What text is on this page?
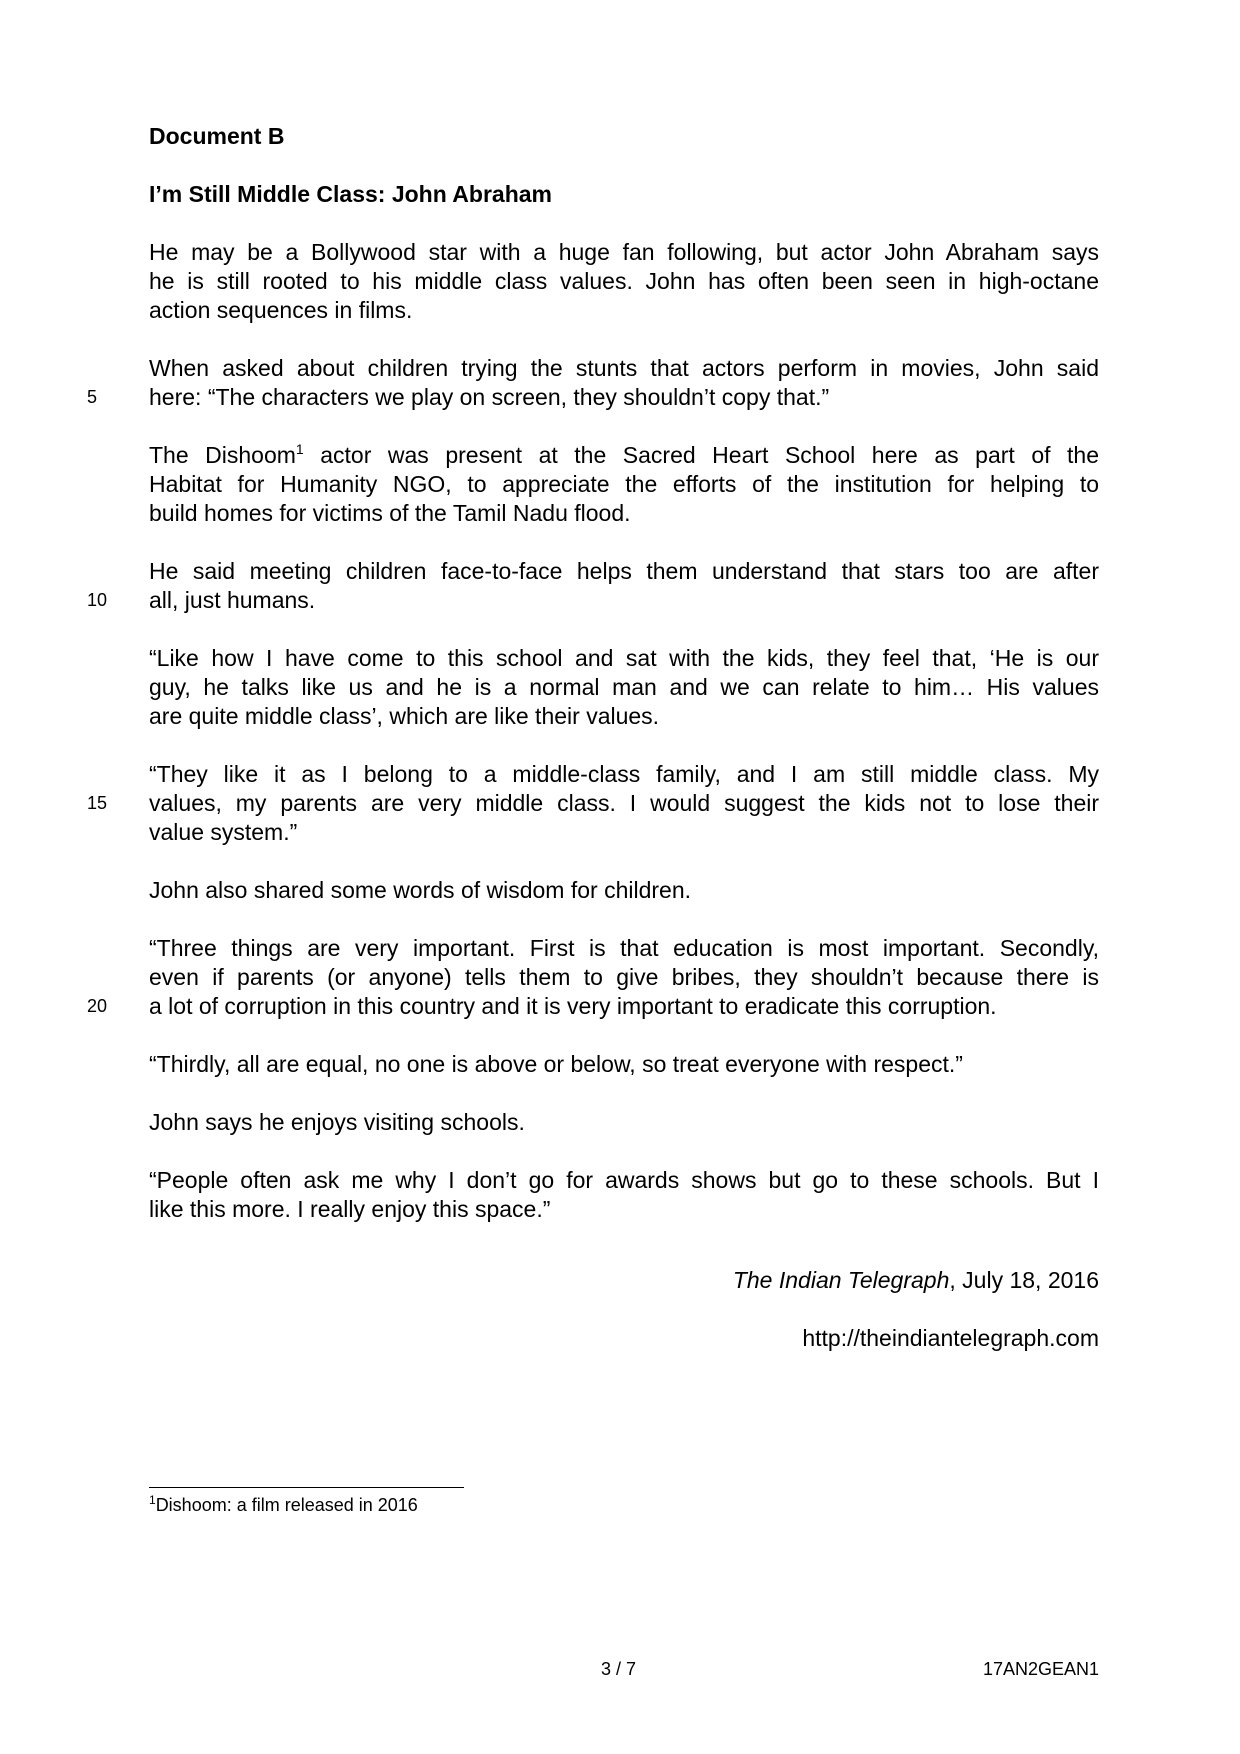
Document B
I’m Still Middle Class: John Abraham
He may be a Bollywood star with a huge fan following, but actor John Abraham says
he is still rooted to his middle class values. John has often been seen in high-octane
action sequences in films.
When asked about children trying the stunts that actors perform in movies, John said
5	here: “The characters we play on screen, they shouldn’t copy that.”
The Dishoom$^1$ actor was present at the Sacred Heart School here as part of the
Habitat for Humanity NGO, to appreciate the efforts of the institution for helping to
build homes for victims of the Tamil Nadu flood.
He said meeting children face-to-face helps them understand that stars too are after
10	all, just humans.
“Like how I have come to this school and sat with the kids, they feel that, ‘He is our
guy, he talks like us and he is a normal man and we can relate to him… His values
are quite middle class’, which are like their values.
“They like it as I belong to a middle-class family, and I am still middle class. My
15	values, my parents are very middle class. I would suggest the kids not to lose their
value system.”
John also shared some words of wisdom for children.
“Three things are very important. First is that education is most important. Secondly,
even if parents (or anyone) tells them to give bribes, they shouldn’t because there is
20	a lot of corruption in this country and it is very important to eradicate this corruption.
“Thirdly, all are equal, no one is above or below, so treat everyone with respect.”
John says he enjoys visiting schools.
“People often ask me why I don’t go for awards shows but go to these schools. But I
like this more. I really enjoy this space.”
The Indian Telegraph, July 18, 2016
http://theindiantelegraph.com
$^1$Dishoom: a film released in 2016
3 / 7	17AN2GEAN1
